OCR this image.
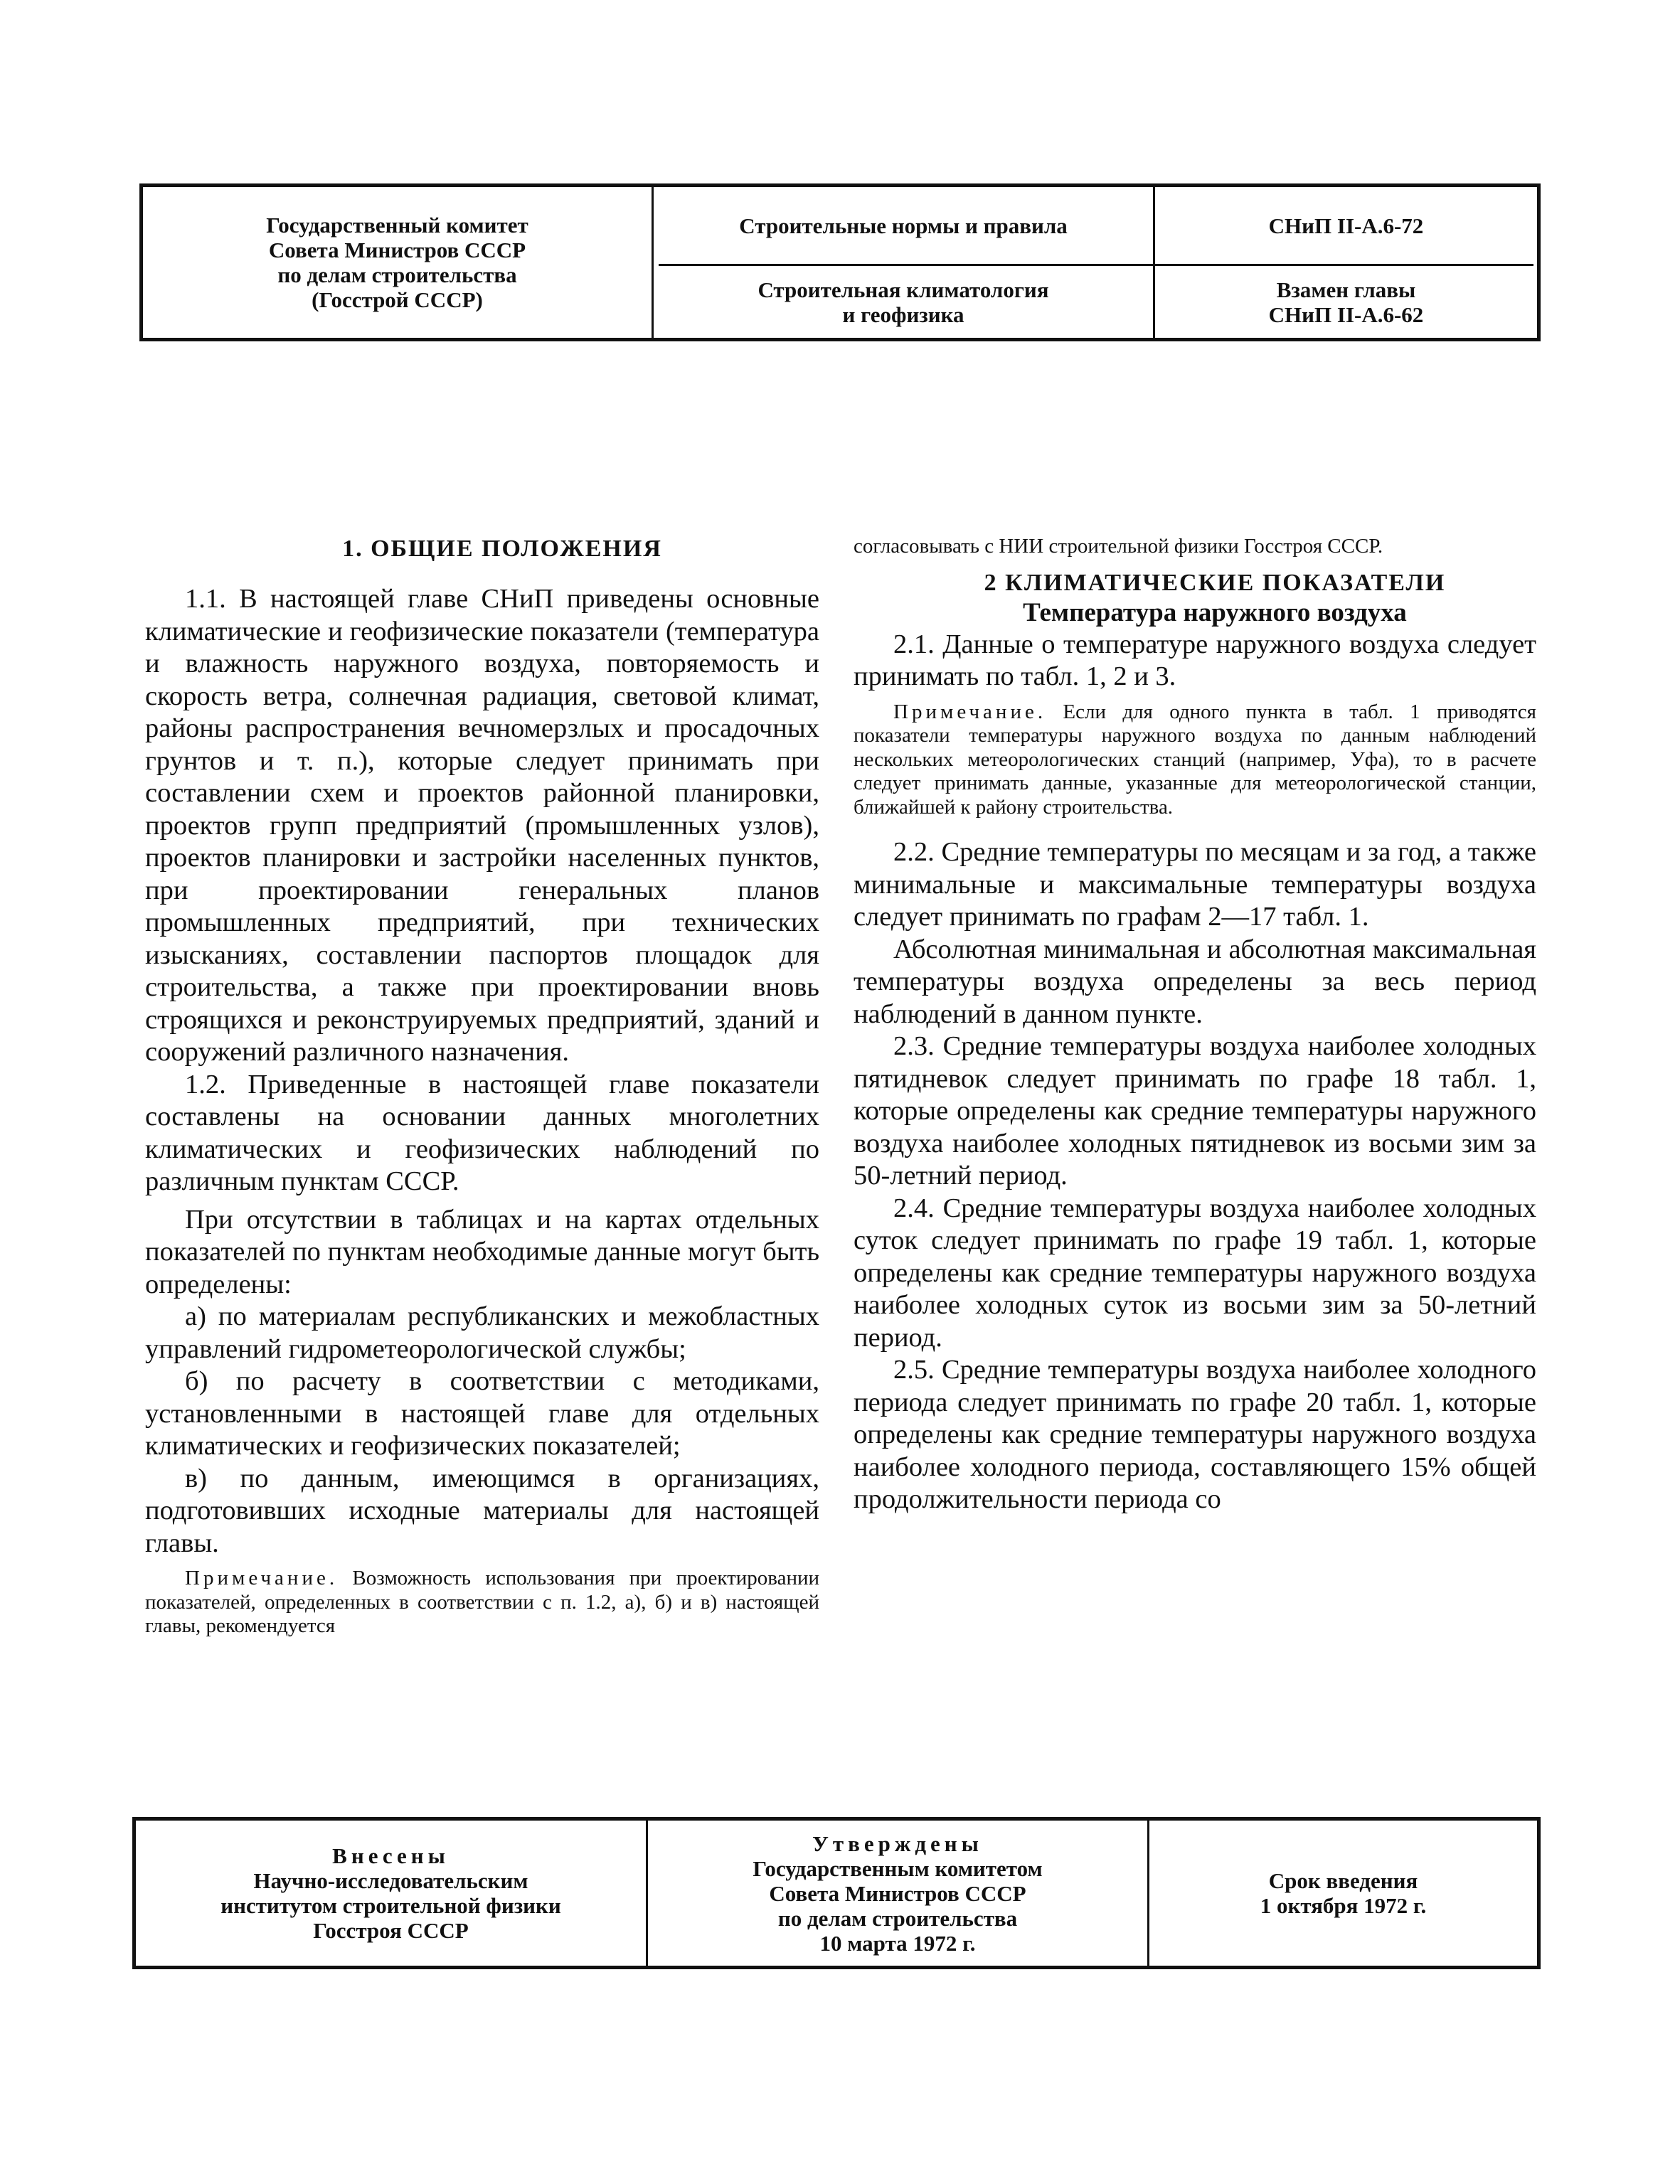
Государственный комитет
Совета Министров СССР
по делам строительства
(Госстрой СССР)
Строительные нормы и правила
Строительная климатология
и геофизика
СНиП II-А.6-72
Взамен главы
СНиП II-А.6-62

1. ОБЩИЕ ПОЛОЖЕНИЯ

1.1. В настоящей главе СНиП приведены основные климатические и геофизические показатели (температура и влажность наружного воздуха, повторяемость и скорость ветра, солнечная радиация, световой климат, районы распространения вечномерзлых и просадочных грунтов и т. п.), которые следует принимать при составлении схем и проектов районной планировки, проектов групп предприятий (промышленных узлов), проектов планировки и застройки населенных пунктов, при проектировании генеральных планов промышленных предприятий, при технических изысканиях, составлении паспортов площадок для строительства, а также при проектировании вновь строящихся и реконструируемых предприятий, зданий и сооружений различного назначения.

1.2. Приведенные в настоящей главе показатели составлены на основании данных многолетних климатических и геофизических наблюдений по различным пунктам СССР.

При отсутствии в таблицах и на картах отдельных показателей по пунктам необходимые данные могут быть определены:

а) по материалам республиканских и межобластных управлений гидрометеорологической службы;

б) по расчету в соответствии с методиками, установленными в настоящей главе для отдельных климатических и геофизических показателей;

в) по данным, имеющимся в организациях, подготовивших исходные материалы для настоящей главы.

Примечание. Возможность использования при проектировании показателей, определенных в соответствии с п. 1.2, а), б) и в) настоящей главы, рекомендуется

согласовывать с НИИ строительной физики Госстроя СССР.

2 КЛИМАТИЧЕСКИЕ ПОКАЗАТЕЛИ

Температура наружного воздуха

2.1. Данные о температуре наружного воздуха следует принимать по табл. 1, 2 и 3.

Примечание. Если для одного пункта в табл. 1 приводятся показатели температуры наружного воздуха по данным наблюдений нескольких метеорологических станций (например, Уфа), то в расчете следует принимать данные, указанные для метеорологической станции, ближайшей к району строительства.

2.2. Средние температуры по месяцам и за год, а также минимальные и максимальные температуры воздуха следует принимать по графам 2—17 табл. 1.

Абсолютная минимальная и абсолютная максимальная температуры воздуха определены за весь период наблюдений в данном пункте.

2.3. Средние температуры воздуха наиболее холодных пятидневок следует принимать по графе 18 табл. 1, которые определены как средние температуры наружного воздуха наиболее холодных пятидневок из восьми зим за 50-летний период.

2.4. Средние температуры воздуха наиболее холодных суток следует принимать по графе 19 табл. 1, которые определены как средние температуры наружного воздуха наиболее холодных суток из восьми зим за 50-летний период.

2.5. Средние температуры воздуха наиболее холодного периода следует принимать по графе 20 табл. 1, которые определены как средние температуры наружного воздуха наиболее холодного периода, составляющего 15% общей продолжительности периода со

Внесены
Научно-исследовательским
институтом строительной физики
Госстроя СССР
Утверждены
Государственным комитетом
Совета Министров СССР
по делам строительства
10 марта 1972 г.
Срок введения
1 октября 1972 г.
